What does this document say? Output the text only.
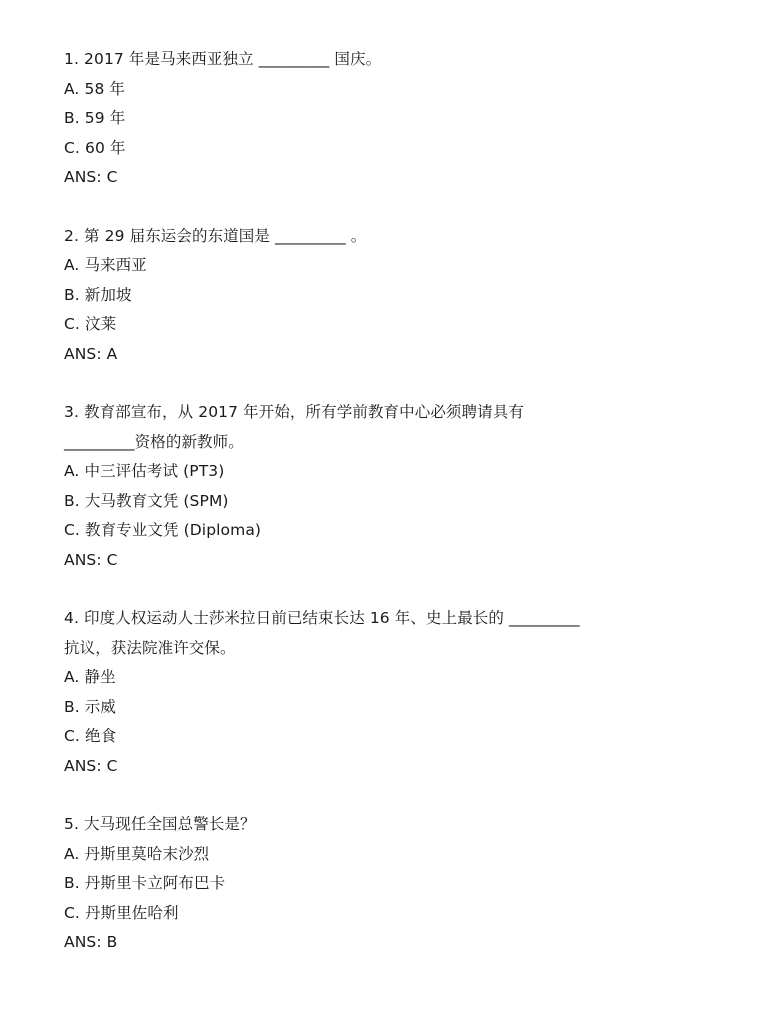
1. 2017 年是马来西亚独立 _________ 国庆。
A. 58 年
B. 59 年
C. 60 年
ANS: C
2. 第 29 届东运会的东道国是 _________ 。
A. 马来西亚
B. 新加坡
C. 汶莱
ANS: A
3. 教育部宣布，从 2017 年开始，所有学前教育中心必须聘请具有
_________资格的新教师。
A. 中三评估考试 (PT3)
B. 大马教育文凭 (SPM)
C. 教育专业文凭 (Diploma)
ANS: C
4. 印度人权运动人士莎米拉日前已结束长达 16 年、史上最长的 _________
抗议，获法院准许交保。
A. 静坐
B. 示威
C. 绝食
ANS: C
5. 大马现任全国总警长是？
A. 丹斯里莫哈末沙烈
B. 丹斯里卡立阿布巴卡
C. 丹斯里佐哈利
ANS: B
